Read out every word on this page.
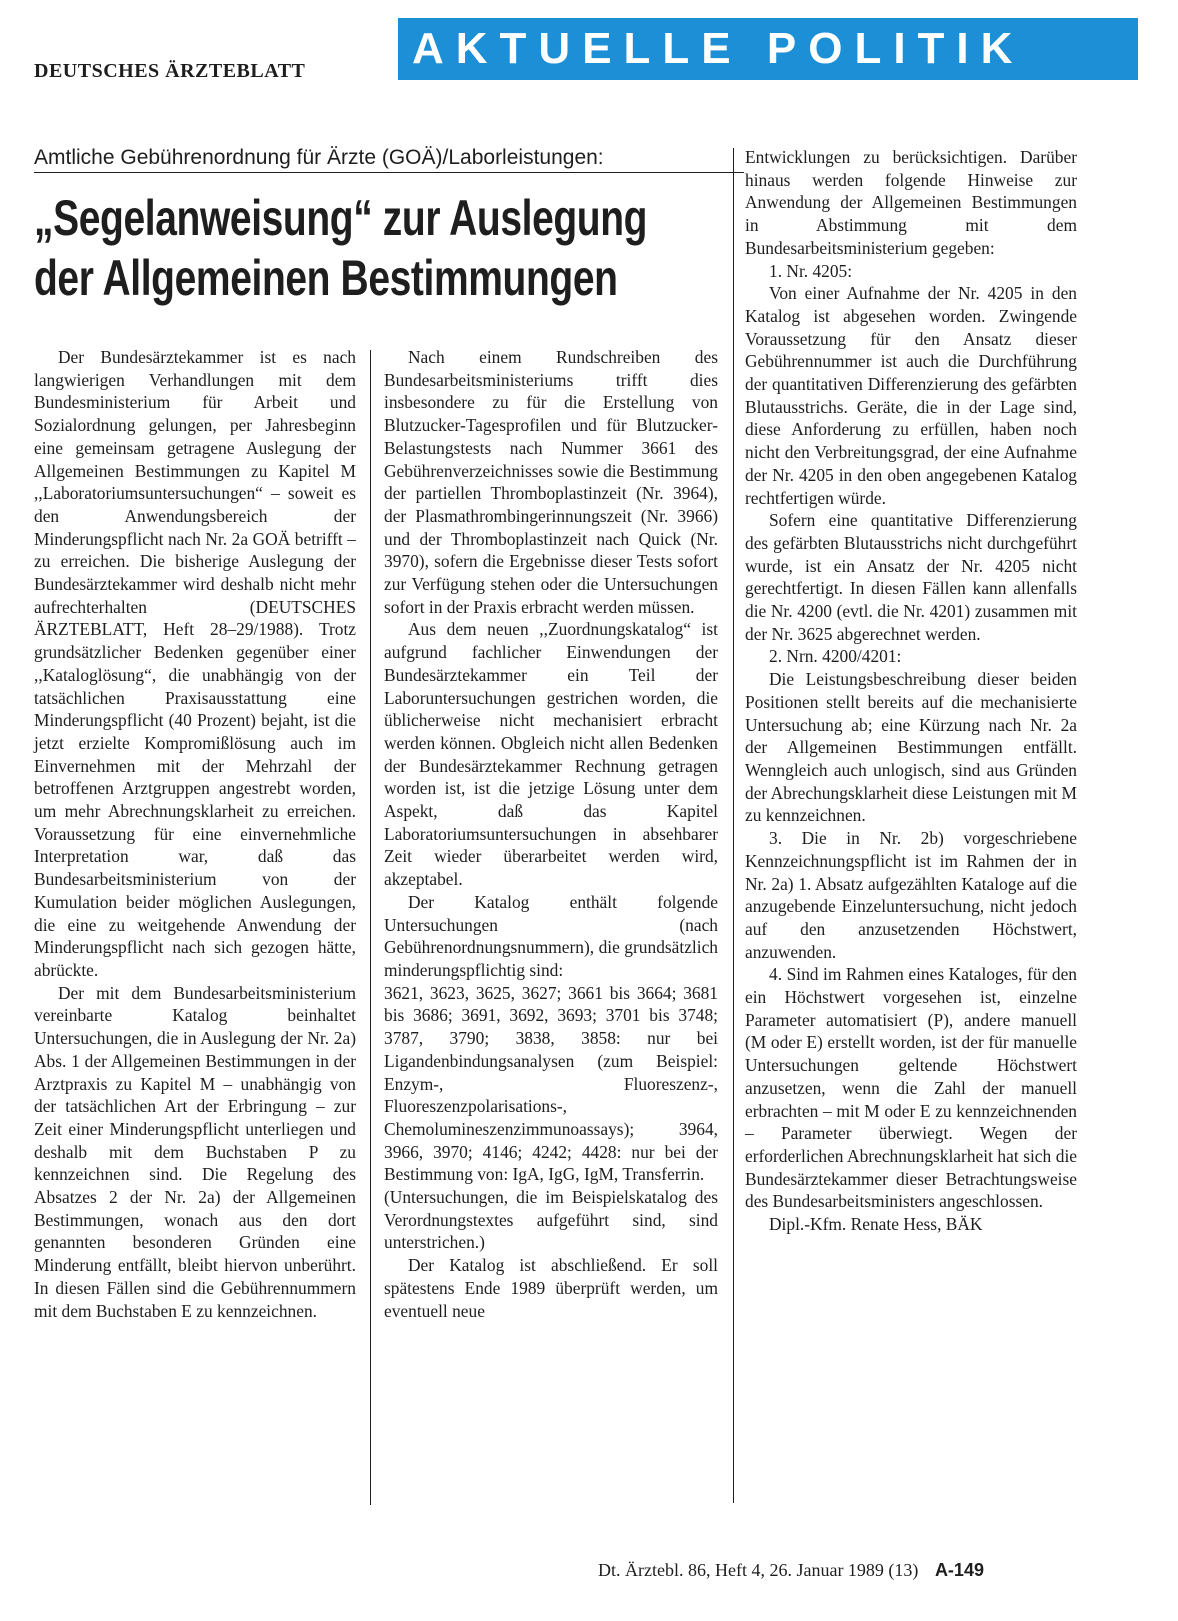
DEUTSCHES ÄRZTEBLATT	AKTUELLE POLITIK
Amtliche Gebührenordnung für Ärzte (GOÄ)/Laborleistungen:
„Segelanweisung“ zur Auslegung
der Allgemeinen Bestimmungen

Der Bundesärztekammer ist es nach langwierigen Verhandlungen mit dem Bundesministerium für Arbeit und Sozialordnung gelungen, per Jahresbeginn eine gemeinsam getragene Auslegung der Allgemeinen Bestimmungen zu Kapitel M ,,Laboratoriumsuntersuchungen“ – soweit es den Anwendungsbereich der Minderungspflicht nach Nr. 2a GOÄ betrifft – zu erreichen. Die bisherige Auslegung der Bundesärztekammer wird deshalb nicht mehr aufrechterhalten (DEUTSCHES ÄRZTEBLATT, Heft 28–29/1988). Trotz grundsätzlicher Bedenken gegenüber einer ,,Kataloglösung“, die unabhängig von der tatsächlichen Praxisausstattung eine Minderungspflicht (40 Prozent) bejaht, ist die jetzt erzielte Kompromißlösung auch im Einvernehmen mit der Mehrzahl der betroffenen Arztgruppen angestrebt worden, um mehr Abrechnungsklarheit zu erreichen. Voraussetzung für eine einvernehmliche Interpretation war, daß das Bundesarbeitsministerium von der Kumulation beider möglichen Auslegungen, die eine zu weitgehende Anwendung der Minderungspflicht nach sich gezogen hätte, abrückte.

Der mit dem Bundesarbeitsministerium vereinbarte Katalog beinhaltet Untersuchungen, die in Auslegung der Nr. 2a) Abs. 1 der Allgemeinen Bestimmungen in der Arztpraxis zu Kapitel M – unabhängig von der tatsächlichen Art der Erbringung – zur Zeit einer Minderungspflicht unterliegen und deshalb mit dem Buchstaben P zu kennzeichnen sind. Die Regelung des Absatzes 2 der Nr. 2a) der Allgemeinen Bestimmungen, wonach aus den dort genannten besonderen Gründen eine Minderung entfällt, bleibt hiervon unberührt. In diesen Fällen sind die Gebührennummern mit dem Buchstaben E zu kennzeichnen.

Nach einem Rundschreiben des Bundesarbeitsministeriums trifft dies insbesondere zu für die Erstellung von Blutzucker-Tagesprofilen und für Blutzucker-Belastungstests nach Nummer 3661 des Gebührenverzeichnisses sowie die Bestimmung der partiellen Thromboplastinzeit (Nr. 3964), der Plasmathrombingerinnungszeit (Nr. 3966) und der Thromboplastinzeit nach Quick (Nr. 3970), sofern die Ergebnisse dieser Tests sofort zur Verfügung stehen oder die Untersuchungen sofort in der Praxis erbracht werden müssen.

Aus dem neuen ,,Zuordnungskatalog“ ist aufgrund fachlicher Einwendungen der Bundesärztekammer ein Teil der Laboruntersuchungen gestrichen worden, die üblicherweise nicht mechanisiert erbracht werden können. Obgleich nicht allen Bedenken der Bundesärztekammer Rechnung getragen worden ist, ist die jetzige Lösung unter dem Aspekt, daß das Kapitel Laboratoriumsuntersuchungen in absehbarer Zeit wieder überarbeitet werden wird, akzeptabel.

Der Katalog enthält folgende Untersuchungen (nach Gebührenordnungsnummern), die grundsätzlich minderungspflichtig sind:

3621, 3623, 3625, 3627; 3661 bis 3664; 3681 bis 3686; 3691, 3692, 3693; 3701 bis 3748; 3787, 3790; 3838, 3858: nur bei Ligandenbindungsanalysen (zum Beispiel: Enzym-, Fluoreszenz-, Fluoreszenzpolarisations-, Chemolumineszenzimmunoassays); 3964, 3966, 3970; 4146; 4242; 4428: nur bei der Bestimmung von: IgA, IgG, IgM, Transferrin.

(Untersuchungen, die im Beispielskatalog des Verordnungstextes aufgeführt sind, sind unterstrichen.)

Der Katalog ist abschließend. Er soll spätestens Ende 1989 überprüft werden, um eventuell neue

Entwicklungen zu berücksichtigen. Darüber hinaus werden folgende Hinweise zur Anwendung der Allgemeinen Bestimmungen in Abstimmung mit dem Bundesarbeitsministerium gegeben:

1. Nr. 4205:

Von einer Aufnahme der Nr. 4205 in den Katalog ist abgesehen worden. Zwingende Voraussetzung für den Ansatz dieser Gebührennummer ist auch die Durchführung der quantitativen Differenzierung des gefärbten Blutausstrichs. Geräte, die in der Lage sind, diese Anforderung zu erfüllen, haben noch nicht den Verbreitungsgrad, der eine Aufnahme der Nr. 4205 in den oben angegebenen Katalog rechtfertigen würde.

Sofern eine quantitative Differenzierung des gefärbten Blutausstrichs nicht durchgeführt wurde, ist ein Ansatz der Nr. 4205 nicht gerechtfertigt. In diesen Fällen kann allenfalls die Nr. 4200 (evtl. die Nr. 4201) zusammen mit der Nr. 3625 abgerechnet werden.

2. Nrn. 4200/4201:

Die Leistungsbeschreibung dieser beiden Positionen stellt bereits auf die mechanisierte Untersuchung ab; eine Kürzung nach Nr. 2a der Allgemeinen Bestimmungen entfällt. Wenngleich auch unlogisch, sind aus Gründen der Abrechungsklarheit diese Leistungen mit M zu kennzeichnen.

3. Die in Nr. 2b) vorgeschriebene Kennzeichnungspflicht ist im Rahmen der in Nr. 2a) 1. Absatz aufgezählten Kataloge auf die anzugebende Einzeluntersuchung, nicht jedoch auf den anzusetzenden Höchstwert, anzuwenden.

4. Sind im Rahmen eines Kataloges, für den ein Höchstwert vorgesehen ist, einzelne Parameter automatisiert (P), andere manuell (M oder E) erstellt worden, ist der für manuelle Untersuchungen geltende Höchstwert anzusetzen, wenn die Zahl der manuell erbrachten – mit M oder E zu kennzeichnenden – Parameter überwiegt. Wegen der erforderlichen Abrechnungsklarheit hat sich die Bundesärztekammer dieser Betrachtungsweise des Bundesarbeitsministers angeschlossen.

Dipl.-Kfm. Renate Hess, BÄK

Dt. Ärztebl. 86, Heft 4, 26. Januar 1989 (13) A-149
